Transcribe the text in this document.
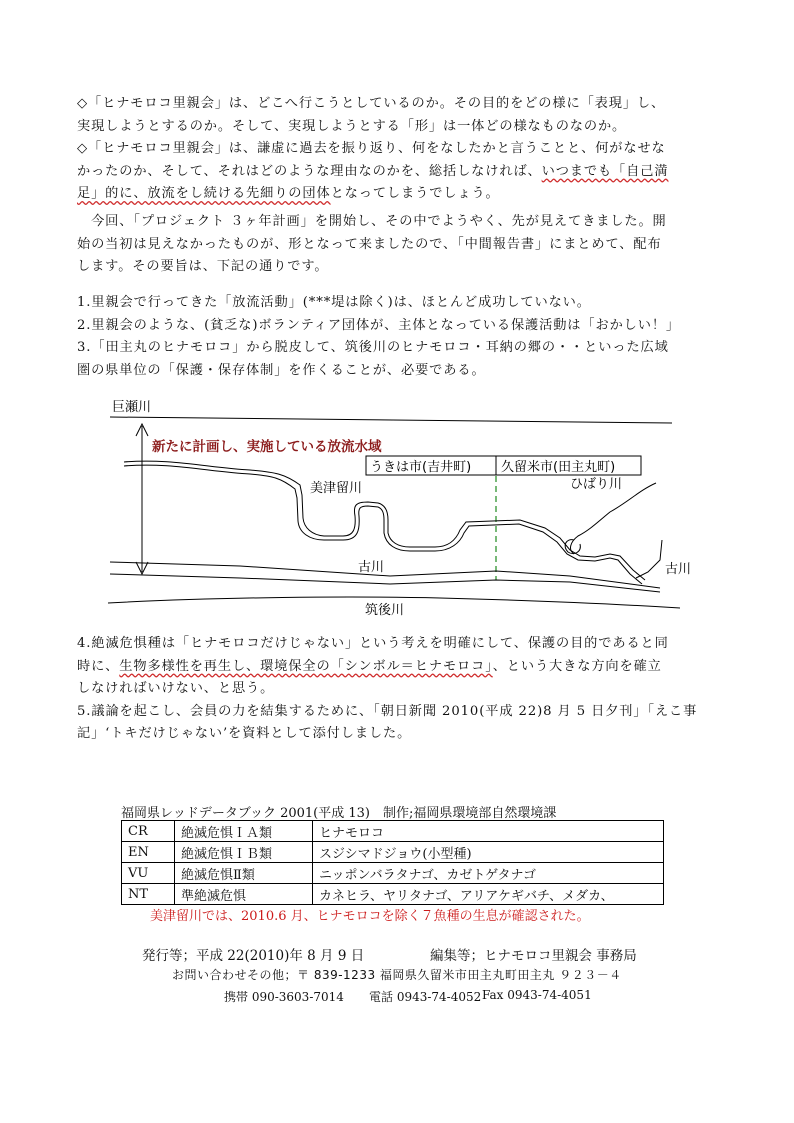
◇「ヒナモロコ里親会」は、どこへ行こうとしているのか。その目的をどの様に「表現」し、

実現しようとするのか。そして、実現しようとする「形」は一体どの様なものなのか。

◇「ヒナモロコ里親会」は、謙虚に過去を振り返り、何をなしたかと言うことと、何がなせな

かったのか、そして、それはどのような理由なのかを、総括しなければ、いつまでも「自己満

足」的に、放流をし続ける先細りの団体となってしまうでしょう。

　今回、「プロジェクト ３ヶ年計画」を開始し、その中でようやく、先が見えてきました。開

始の当初は見えなかったものが、形となって来ましたので、「中間報告書」にまとめて、配布

します。その要旨は、下記の通りです。

1.里親会で行ってきた「放流活動」(***堤は除く)は、ほとんど成功していない。

2.里親会のような、(貧乏な)ボランティア団体が、主体となっている保護活動は「おかしい！」

3.「田主丸のヒナモロコ」から脱皮して、筑後川のヒナモロコ・耳納の郷の・・といった広域

圏の県単位の「保護・保存体制」を作くることが、必要である。

巨瀬川
新たに計画し、実施している放流水域
うきは市(吉井町) 久留米市(田主丸町)
美津留川	ひばり川
古川
古川
筑後川

4.絶滅危惧種は「ヒナモロコだけじゃない」という考えを明確にして、保護の目的であると同

時に、生物多様性を再生し、環境保全の「シンボル＝ヒナモロコ」、という大きな方向を確立

しなければいけない、と思う。

5.議論を起こし、会員の力を結集するために、「朝日新聞 2010(平成 22)8 月 5 日夕刊」「えこ事

記」‘トキだけじゃない’を資料として添付しました。

福岡県レッドデータブック 2001(平成 13)　制作;福岡県環境部自然環境課
CR	絶滅危惧ＩＡ類	ヒナモロコ
EN	絶滅危惧ＩＢ類	スジシマドジョウ(小型種)
VU	絶滅危惧Ⅱ類	ニッポンバラタナゴ、カゼトゲタナゴ
NT	準絶滅危惧	カネヒラ、ヤリタナゴ、アリアケギバチ、メダカ、
美津留川では、2010.6 月、ヒナモロコを除く７魚種の生息が確認された。
発行等；平成 22(2010)年 8 月 9 日	編集等；ヒナモロコ里親会 事務局
お問い合わせその他；〒 839-1233 福岡県久留米市田主丸町田主丸 ９２３－４
携帯 090-3603-7014 電話 0943-74-4052 Fax 0943-74-4051
